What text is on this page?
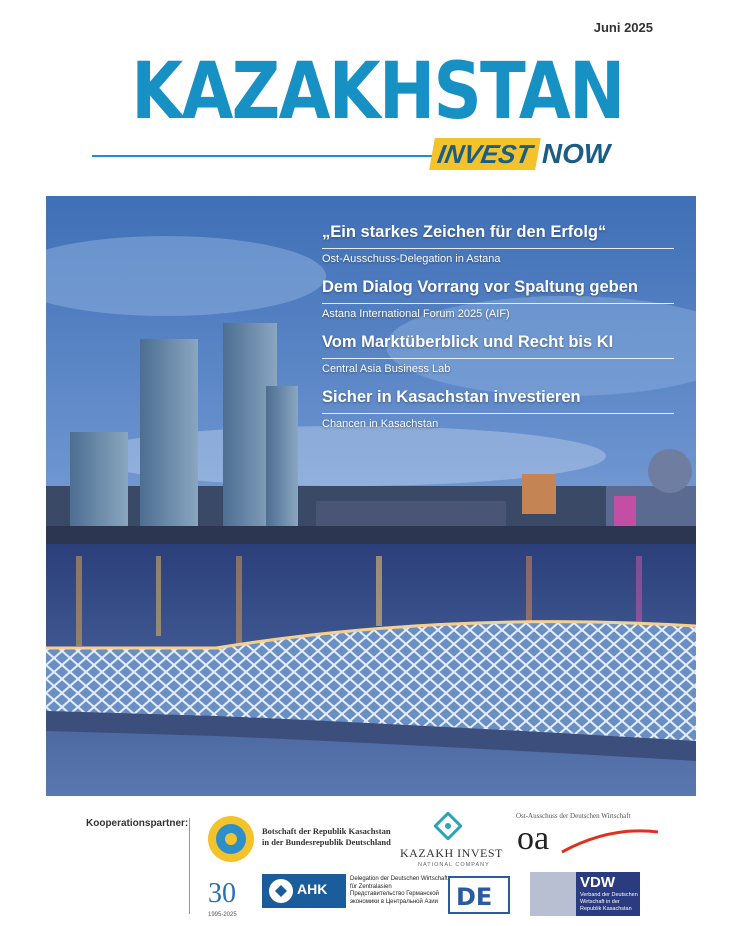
Juni 2025
KAZAKHSTAN
INVEST NOW
„Ein starkes Zeichen für den Erfolg“
Ost-Ausschuss-Delegation in Astana
Dem Dialog Vorrang vor Spaltung geben
Astana International Forum 2025 (AIF)
Vom Marktüberblick und Recht bis KI
Central Asia Business Lab
Sicher in Kasachstan investieren
Chancen in Kasachstan
Kooperationspartner:
Botschaft der Republik Kasachstan
in der Bundesrepublik Deutschland
KAZAKH INVEST
NATIONAL COMPANY
Ost-Ausschuss der Deutschen Wirtschaft
oa
30
1995-2025
AHK
Delegation der Deutschen Wirtschaft für Zentralasien
Представительство Германской экономики в Центральной Азии DE
VDW
Verband der Deutschen Wirtschaft in der Republik Kasachstan
